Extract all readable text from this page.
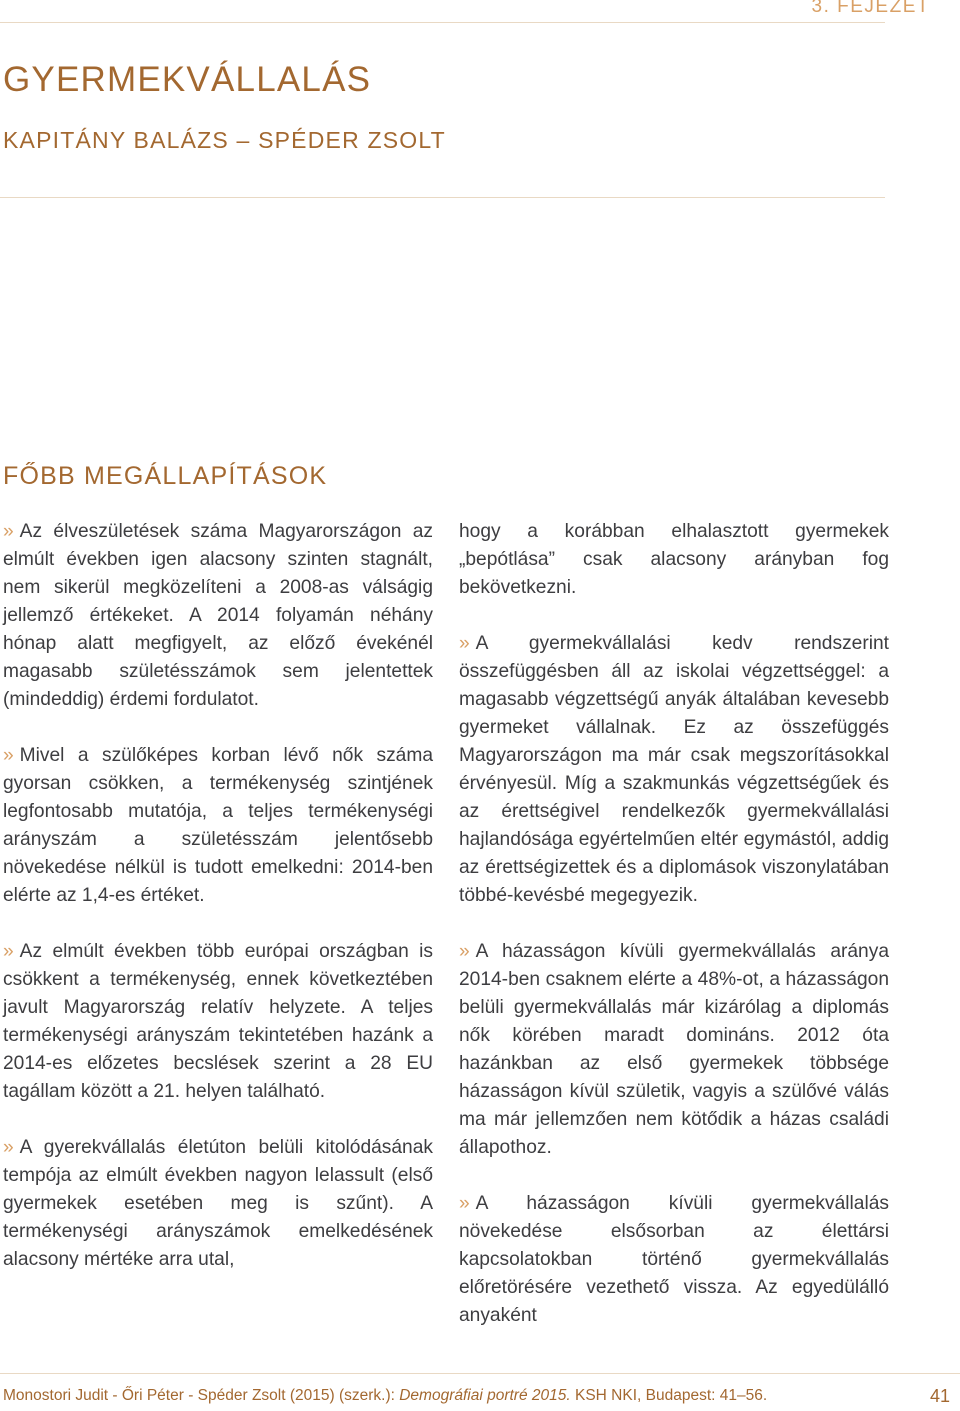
3. FEJEZET
GYERMEKVÁLLALÁS
KAPITÁNY BALÁZS – SPÉDER ZSOLT
FŐBB MEGÁLLAPÍTÁSOK

» Az élveszületések száma Magyarországon az elmúlt években igen alacsony szinten stagnált, nem sikerül megközelíteni a 2008-as válságig jellemző értékeket. A 2014 folyamán néhány hónap alatt megfigyelt, az előző évekénél magasabb születésszámok sem jelentettek (mindeddig) érdemi fordulatot.

» Mivel a szülőképes korban lévő nők száma gyorsan csökken, a termékenység szintjének legfontosabb mutatója, a teljes termékenységi arányszám a születésszám jelentősebb növekedése nélkül is tudott emelkedni: 2014-ben elérte az 1,4-es értéket.

» Az elmúlt években több európai országban is csökkent a termékenység, ennek következtében javult Magyarország relatív helyzete. A teljes termékenységi arányszám tekintetében hazánk a 2014-es előzetes becslések szerint a 28 EU tagállam között a 21. helyen található.

» A gyerekvállalás életúton belüli kitolódásának tempója az elmúlt években nagyon lelassult (első gyermekek esetében meg is szűnt). A termékenységi arányszámok emelkedésének alacsony mértéke arra utal,

hogy a korábban elhalasztott gyermekek „bepótlása” csak alacsony arányban fog bekövetkezni.

» A gyermekvállalási kedv rendszerint összefüggésben áll az iskolai végzettséggel: a magasabb végzettségű anyák általában kevesebb gyermeket vállalnak. Ez az összefüggés Magyarországon ma már csak megszorításokkal érvényesül. Míg a szakmunkás végzettségűek és az érettségivel rendelkezők gyermekvállalási hajlandósága egyértelműen eltér egymástól, addig az érettségizettek és a diplomások viszonylatában többé-kevésbé megegyezik.

» A házasságon kívüli gyermekvállalás aránya 2014-ben csaknem elérte a 48%-ot, a házasságon belüli gyermekvállalás már kizárólag a diplomás nők körében maradt domináns. 2012 óta hazánkban az első gyermekek többsége házasságon kívül születik, vagyis a szülővé válás ma már jellemzően nem kötődik a házas családi állapothoz.

» A házasságon kívüli gyermekvállalás növekedése elsősorban az élettársi kapcsolatokban történő gyermekvállalás előretörésére vezethető vissza. Az egyedülálló anyaként

Monostori Judit - Őri Péter - Spéder Zsolt (2015) (szerk.): Demográfiai portré 2015. KSH NKI, Budapest: 41–56.	41
